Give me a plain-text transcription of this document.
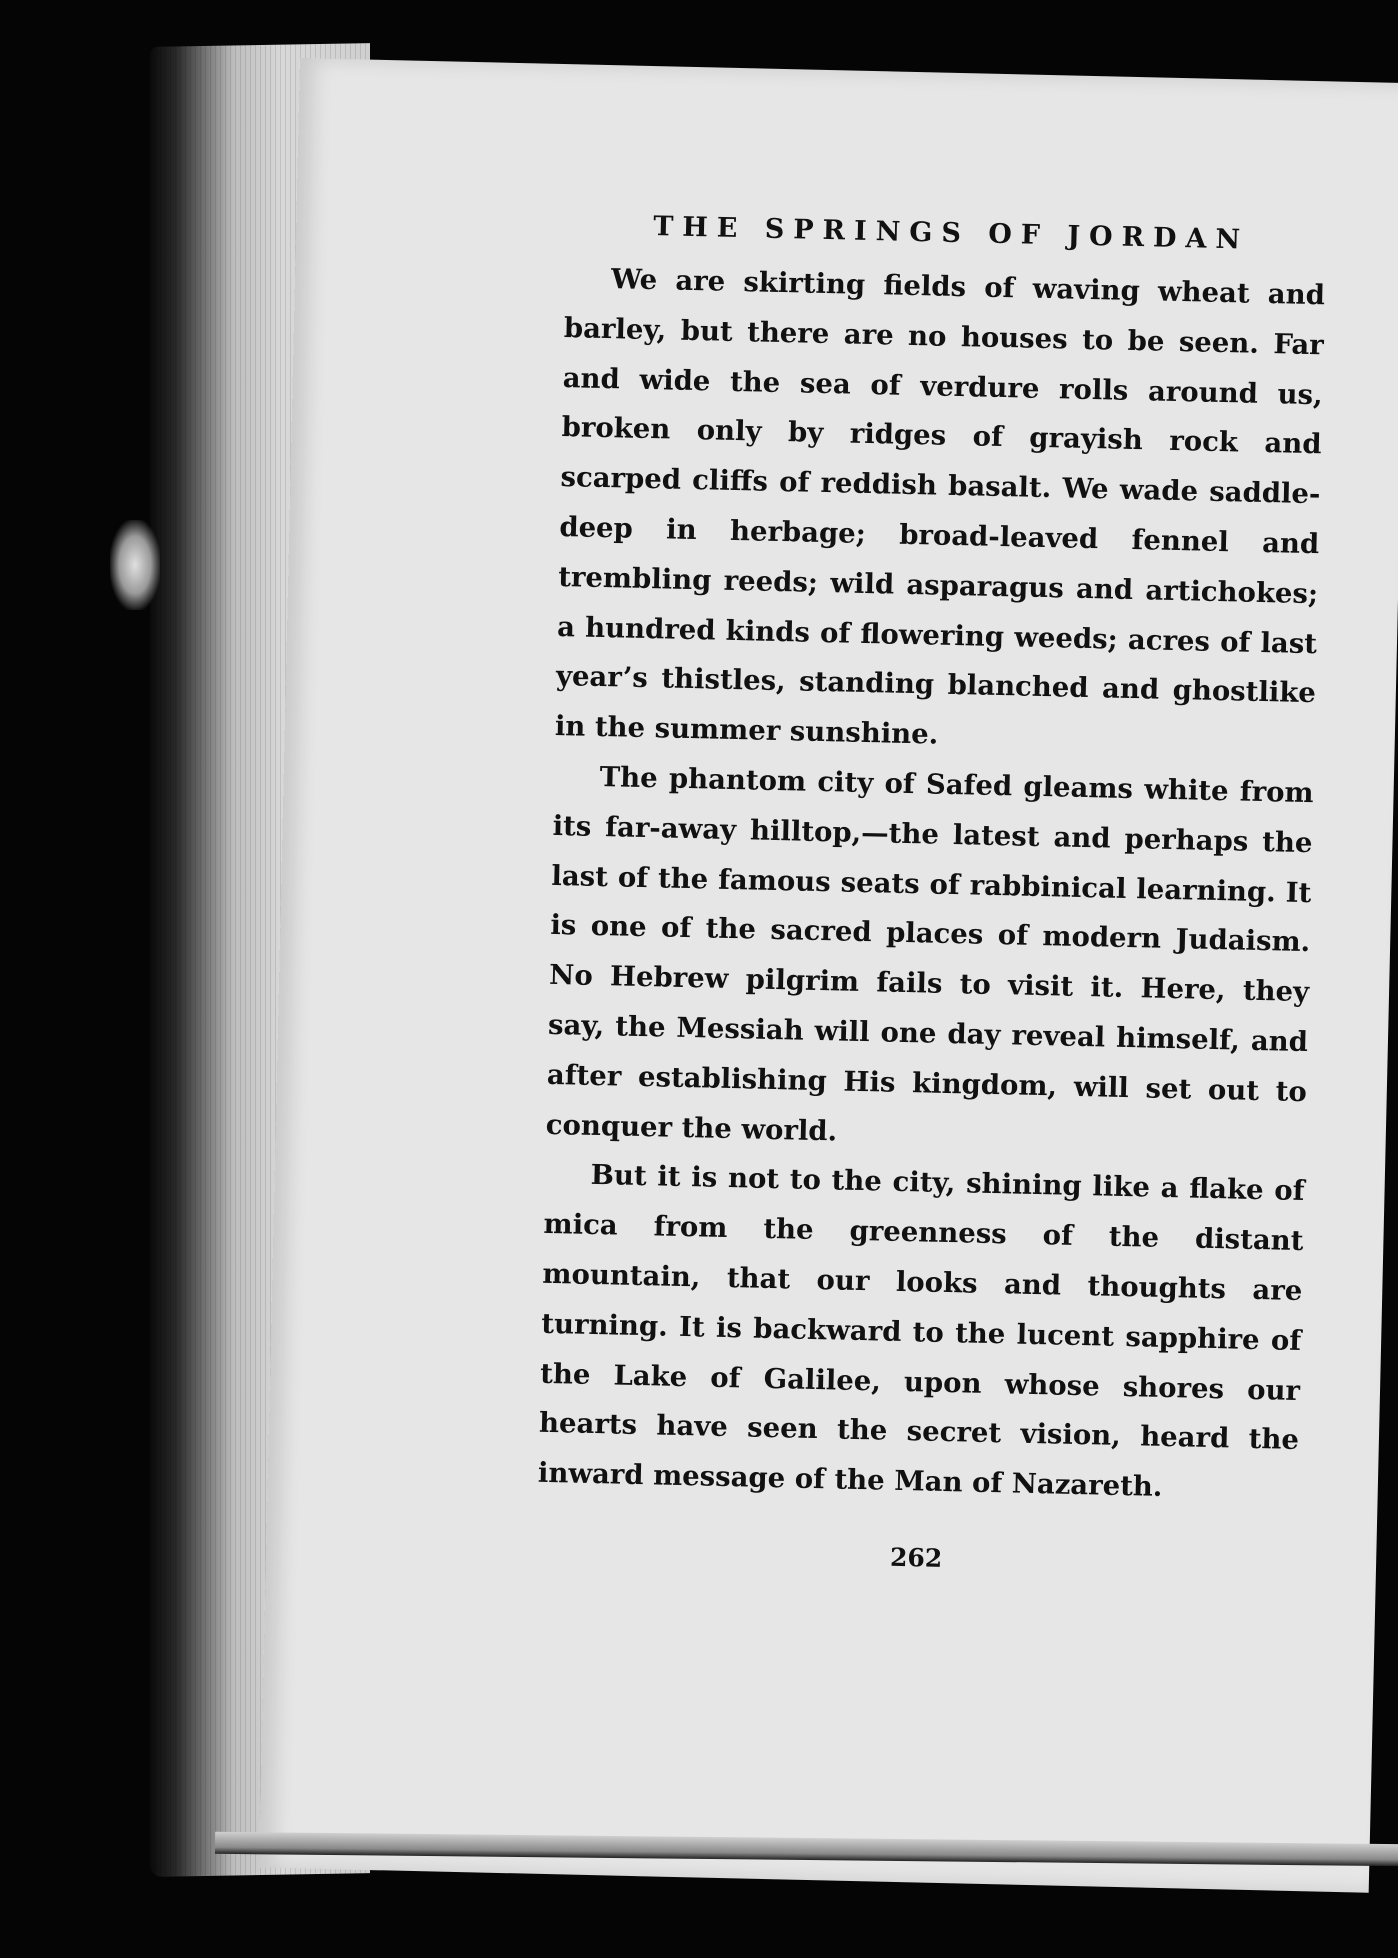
THE SPRINGS OF JORDAN

We are skirting fields of waving wheat and barley, but there are no houses to be seen. Far and wide the sea of verdure rolls around us, broken only by ridges of grayish rock and scarped cliffs of reddish basalt. We wade saddle-deep in herbage; broad-leaved fennel and trembling reeds; wild asparagus and artichokes; a hundred kinds of flowering weeds; acres of last year’s thistles, standing blanched and ghostlike in the summer sunshine.

The phantom city of Safed gleams white from its far-away hilltop,—the latest and perhaps the last of the famous seats of rabbinical learning. It is one of the sacred places of modern Judaism. No Hebrew pilgrim fails to visit it. Here, they say, the Messiah will one day reveal himself, and after establishing His kingdom, will set out to conquer the world.

But it is not to the city, shining like a flake of mica from the greenness of the distant mountain, that our looks and thoughts are turning. It is backward to the lucent sapphire of the Lake of Galilee, upon whose shores our hearts have seen the secret vision, heard the inward message of the Man of Nazareth.

262
